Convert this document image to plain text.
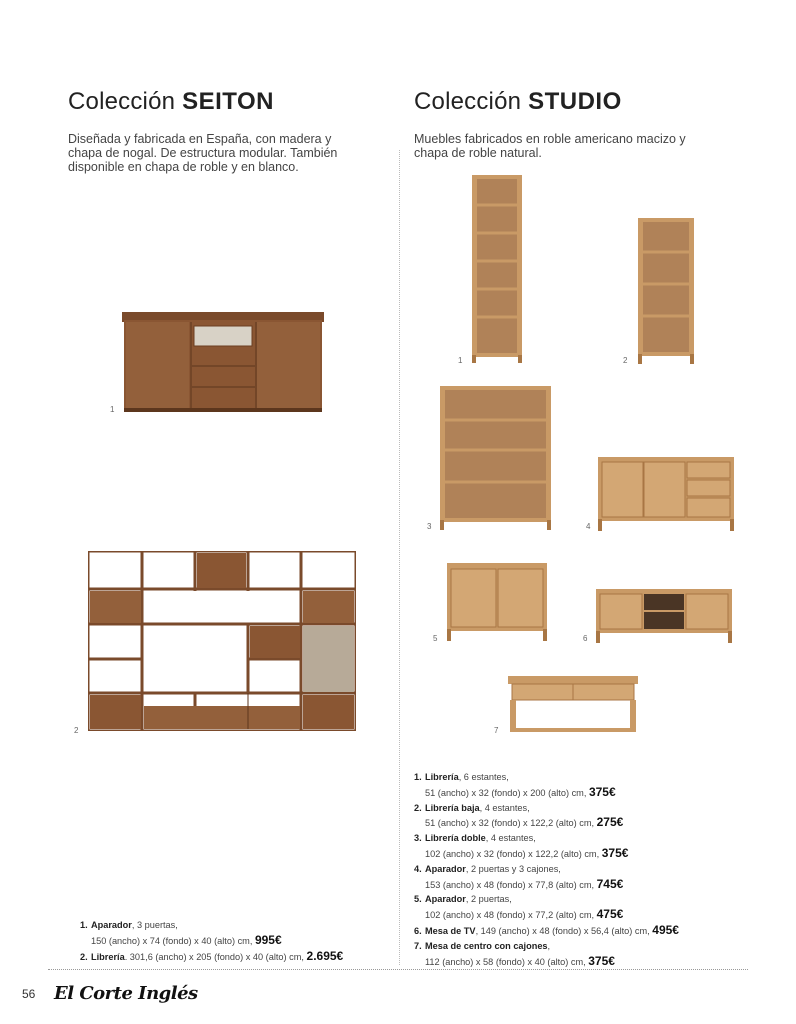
Colección SEITON	Colección STUDIO
Diseñada y fabricada en España, con madera y chapa de nogal. De estructura modular. También disponible en chapa de roble y en blanco.
Muebles fabricados en roble americano macizo y chapa de roble natural.
1
2
1	2
3	4
5	6
7
1. Librería, 6 estantes,
51 (ancho) x 32 (fondo) x 200 (alto) cm, 375€
2. Librería baja, 4 estantes,
51 (ancho) x 32 (fondo) x 122,2 (alto) cm, 275€
3. Librería doble, 4 estantes,
102 (ancho) x 32 (fondo) x 122,2 (alto) cm, 375€
4. Aparador, 2 puertas y 3 cajones,
153 (ancho) x 48 (fondo) x 77,8 (alto) cm, 745€
5. Aparador, 2 puertas,
102 (ancho) x 48 (fondo) x 77,2 (alto) cm, 475€
6. Mesa de TV, 149 (ancho) x 48 (fondo) x 56,4 (alto) cm, 495€
7. Mesa de centro con cajones,
112 (ancho) x 58 (fondo) x 40 (alto) cm, 375€
1. Aparador, 3 puertas,
150 (ancho) x 74 (fondo) x 40 (alto) cm, 995€
2. Librería. 301,6 (ancho) x 205 (fondo) x 40 (alto) cm, 2.695€
56 El Corte Inglés
